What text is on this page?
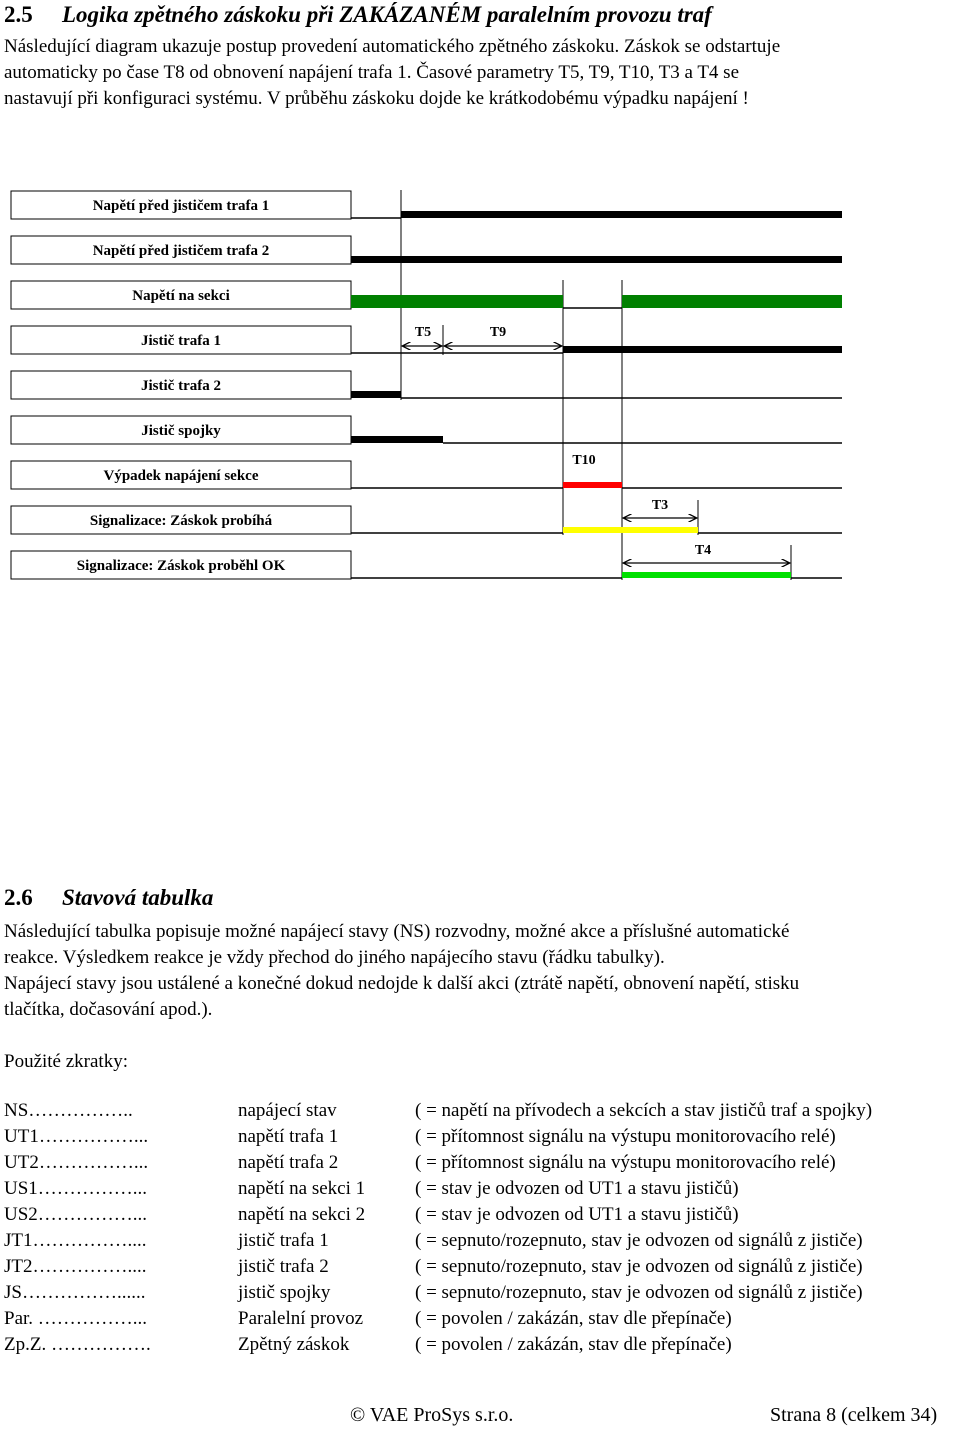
2.5 Logika zpětného záskoku při ZAKÁZANÉM paralelním provozu traf
Následující diagram ukazuje postup provedení automatického zpětného záskoku. Záskok se odstartuje
automaticky po čase T8 od obnovení napájení trafa 1. Časové parametry T5, T9, T10, T3 a T4 se
nastavují při konfiguraci systému. V průběhu záskoku dojde ke krátkodobému výpadku napájení !
Napětí před jističem trafa 1
Napětí před jističem trafa 2
Napětí na sekci
Jistič trafa 1
Jistič trafa 2
Jistič spojky
Výpadek napájení sekce
Signalizace: Záskok probíhá
Signalizace: Záskok proběhl OK
T5	T9
T10
T3
T4
2.6 Stavová tabulka
Následující tabulka popisuje možné napájecí stavy (NS) rozvodny, možné akce a příslušné automatické
reakce. Výsledkem reakce je vždy přechod do jiného napájecího stavu (řádku tabulky).
Napájecí stavy jsou ustálené a konečné dokud nedojde k další akci (ztrátě napětí, obnovení napětí, stisku
tlačítka, dočasování apod.).
Použité zkratky:
NS……………..	napájecí stav	( = napětí na přívodech a sekcích a stav jističů traf a spojky)
UT1……………...	napětí trafa 1	( = přítomnost signálu na výstupu monitorovacího relé)
UT2……………...	napětí trafa 2	( = přítomnost signálu na výstupu monitorovacího relé)
US1……………...	napětí na sekci 1	( = stav je odvozen od UT1 a stavu jističů)
US2……………...	napětí na sekci 2	( = stav je odvozen od UT1 a stavu jističů)
JT1……………....	jistič trafa 1	( = sepnuto/rozepnuto, stav je odvozen od signálů z jističe)
JT2……………....	jistič trafa 2	( = sepnuto/rozepnuto, stav je odvozen od signálů z jističe)
JS……………......	jistič spojky	( = sepnuto/rozepnuto, stav je odvozen od signálů z jističe)
Par. ……………...	Paralelní provoz	( = povolen / zakázán, stav dle přepínače)
Zp.Z. …………….	Zpětný záskok	( = povolen / zakázán, stav dle přepínače)
© VAE ProSys s.r.o.	Strana 8 (celkem 34)
